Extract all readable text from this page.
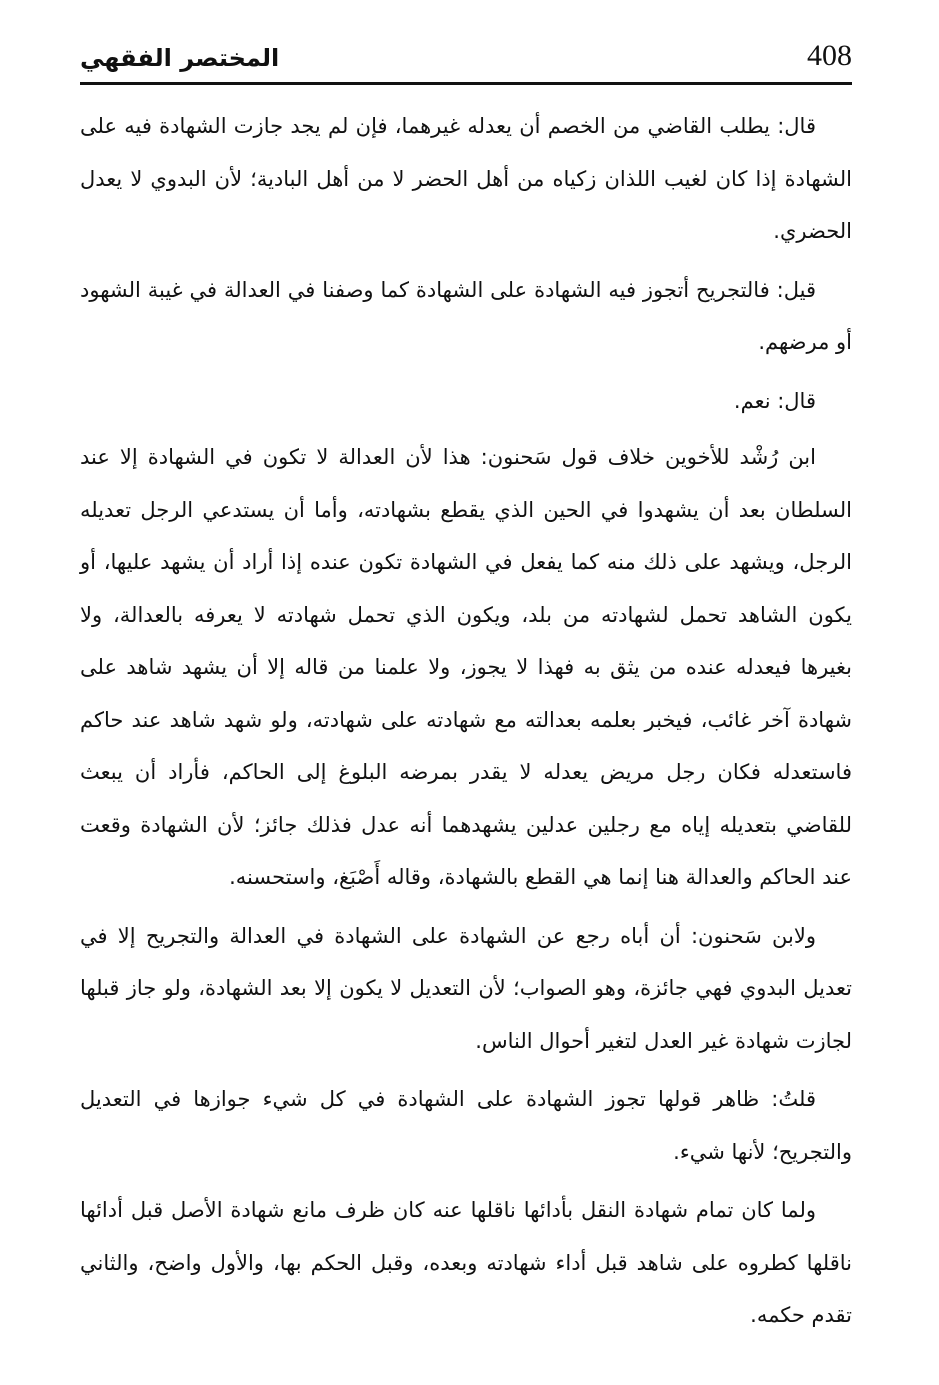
408
المختصر الفقهي

قال: يطلب القاضي من الخصم أن يعدله غيرهما، فإن لم يجد جازت الشهادة فيه على الشهادة إذا كان لغيب اللذان زكياه من أهل الحضر لا من أهل البادية؛ لأن البدوي لا يعدل الحضري.

قيل: فالتجريح أتجوز فيه الشهادة على الشهادة كما وصفنا في العدالة في غيبة الشهود أو مرضهم.

قال: نعم.

ابن رُشْد للأخوين خلاف قول سَحنون: هذا لأن العدالة لا تكون في الشهادة إلا عند السلطان بعد أن يشهدوا في الحين الذي يقطع بشهادته، وأما أن يستدعي الرجل تعديله الرجل، ويشهد على ذلك منه كما يفعل في الشهادة تكون عنده إذا أراد أن يشهد عليها، أو يكون الشاهد تحمل لشهادته من بلد، ويكون الذي تحمل شهادته لا يعرفه بالعدالة، ولا بغيرها فيعدله عنده من يثق به فهذا لا يجوز، ولا علمنا من قاله إلا أن يشهد شاهد على شهادة آخر غائب، فيخبر بعلمه بعدالته مع شهادته على شهادته، ولو شهد شاهد عند حاكم فاستعدله فكان رجل مريض يعدله لا يقدر بمرضه البلوغ إلى الحاكم، فأراد أن يبعث للقاضي بتعديله إياه مع رجلين عدلين يشهدهما أنه عدل فذلك جائز؛ لأن الشهادة وقعت عند الحاكم والعدالة هنا إنما هي القطع بالشهادة، وقاله أَصْبَغ، واستحسنه.

ولابن سَحنون: أن أباه رجع عن الشهادة على الشهادة في العدالة والتجريح إلا في تعديل البدوي فهي جائزة، وهو الصواب؛ لأن التعديل لا يكون إلا بعد الشهادة، ولو جاز قبلها لجازت شهادة غير العدل لتغير أحوال الناس.

قلتُ: ظاهر قولها تجوز الشهادة على الشهادة في كل شيء جوازها في التعديل والتجريح؛ لأنها شيء.

ولما كان تمام شهادة النقل بأدائها ناقلها عنه كان ظرف مانع شهادة الأصل قبل أدائها ناقلها كطروه على شاهد قبل أداء شهادته وبعده، وقبل الحكم بها، والأول واضح، والثاني تقدم حكمه.
